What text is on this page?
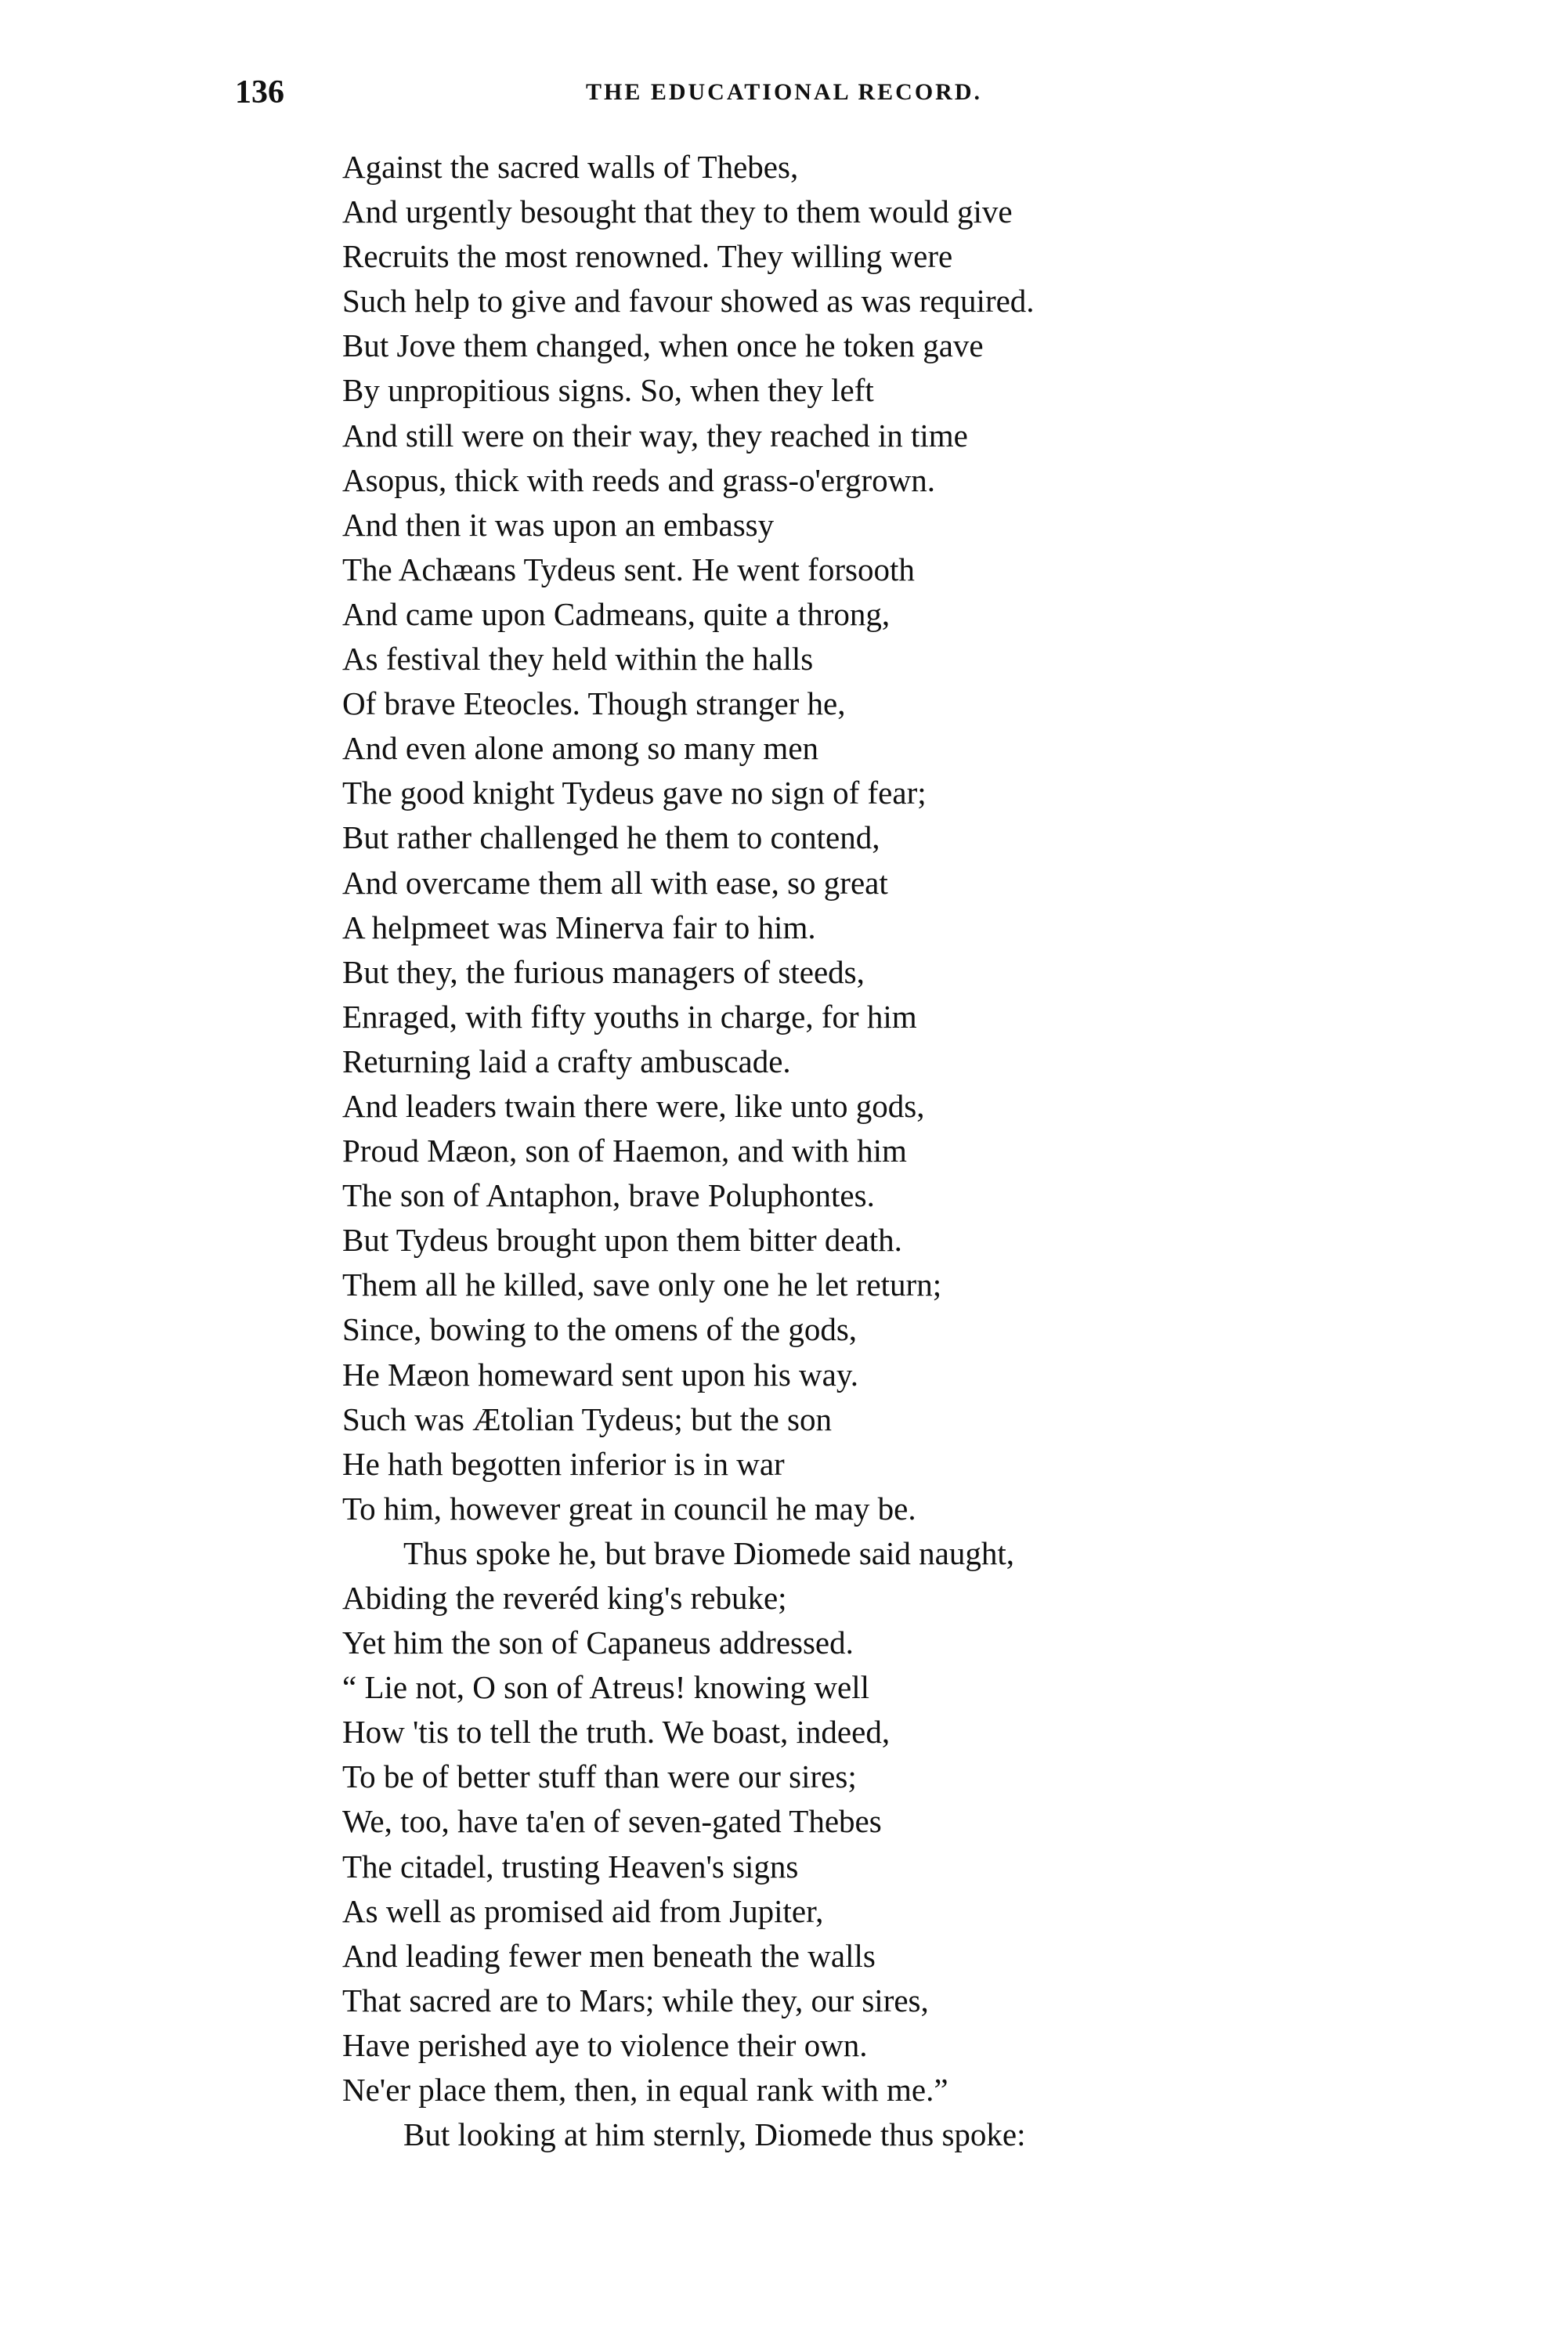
136	THE EDUCATIONAL RECORD.
Against the sacred walls of Thebes,
And urgently besought that they to them would give
Recruits the most renowned. They willing were
Such help to give and favour showed as was required.
But Jove them changed, when once he token gave
By unpropitious signs. So, when they left
And still were on their way, they reached in time
Asopus, thick with reeds and grass-o'ergrown.
And then it was upon an embassy
The Achæans Tydeus sent. He went forsooth
And came upon Cadmeans, quite a throng,
As festival they held within the halls
Of brave Eteocles. Though stranger he,
And even alone among so many men
The good knight Tydeus gave no sign of fear;
But rather challenged he them to contend,
And overcame them all with ease, so great
A helpmeet was Minerva fair to him.
But they, the furious managers of steeds,
Enraged, with fifty youths in charge, for him
Returning laid a crafty ambuscade.
And leaders twain there were, like unto gods,
Proud Mæon, son of Haemon, and with him
The son of Antaphon, brave Poluphontes.
But Tydeus brought upon them bitter death.
Them all he killed, save only one he let return;
Since, bowing to the omens of the gods,
He Mæon homeward sent upon his way.
Such was Ætolian Tydeus; but the son
He hath begotten inferior is in war
To him, however great in council he may be.
Thus spoke he, but brave Diomede said naught,
Abiding the reveréd king's rebuke;
Yet him the son of Capaneus addressed.
“ Lie not, O son of Atreus! knowing well
How 'tis to tell the truth. We boast, indeed,
To be of better stuff than were our sires;
We, too, have ta'en of seven-gated Thebes
The citadel, trusting Heaven's signs
As well as promised aid from Jupiter,
And leading fewer men beneath the walls
That sacred are to Mars; while they, our sires,
Have perished aye to violence their own.
Ne'er place them, then, in equal rank with me.”
But looking at him sternly, Diomede thus spoke:
